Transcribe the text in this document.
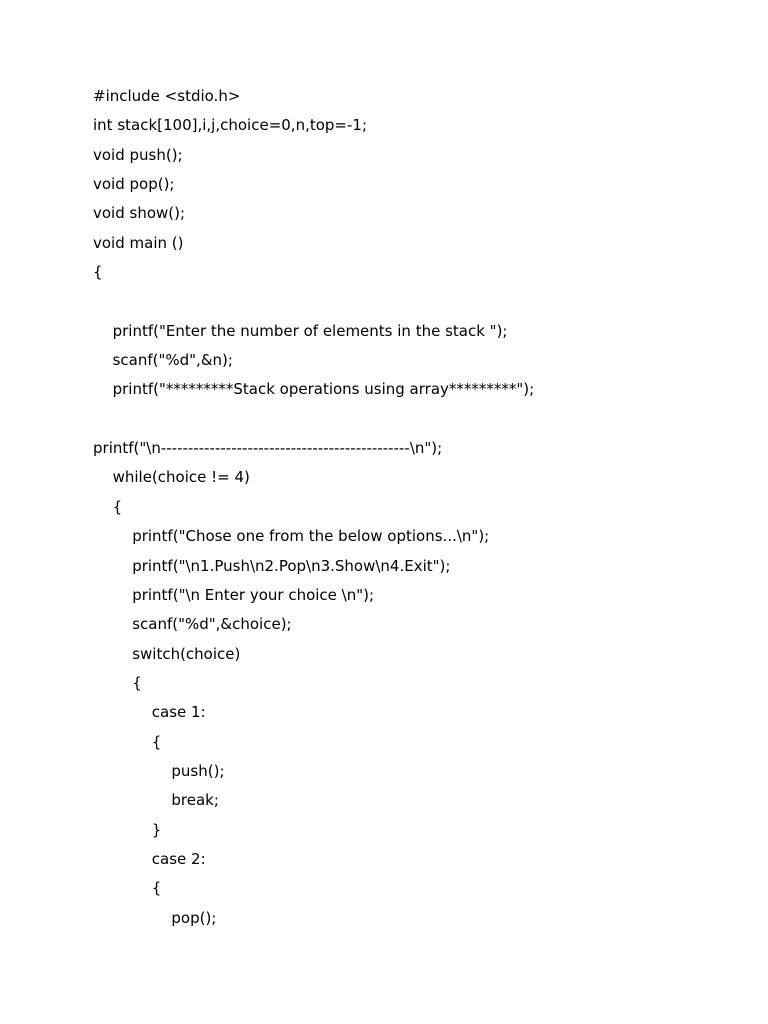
#include <stdio.h>
int stack[100],i,j,choice=0,n,top=-1;
void push();
void pop();
void show();
void main ()
{
printf("Enter the number of elements in the stack ");
scanf("%d",&n);
printf("*********Stack operations using array*********");
printf("\n----------------------------------------------\n");
while(choice != 4)
{
printf("Chose one from the below options...\n");
printf("\n1.Push\n2.Pop\n3.Show\n4.Exit");
printf("\n Enter your choice \n");
scanf("%d",&choice);
switch(choice)
{
case 1:
{
push();
break;
}
case 2:
{
pop();
